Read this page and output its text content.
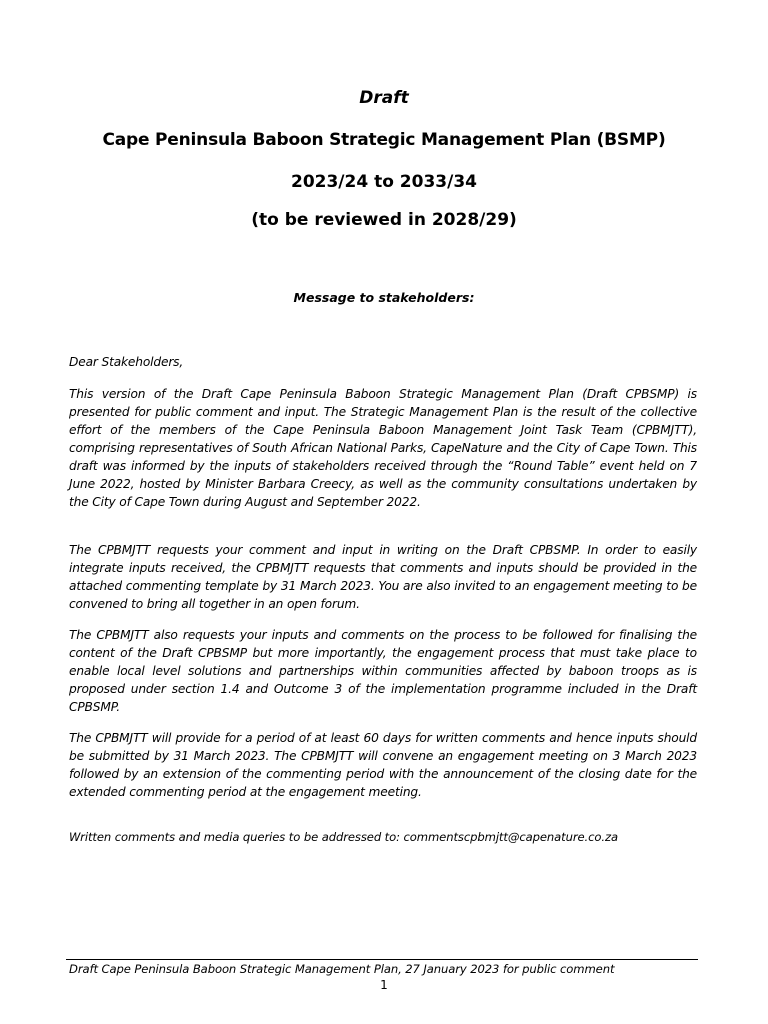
Draft
Cape Peninsula Baboon Strategic Management Plan (BSMP)
2023/24 to 2033/34
(to be reviewed in 2028/29)
Message to stakeholders:
Dear Stakeholders,
This version of the Draft Cape Peninsula Baboon Strategic Management Plan (Draft CPBSMP) is presented for public comment and input. The Strategic Management Plan is the result of the collective effort of the members of the Cape Peninsula Baboon Management Joint Task Team (CPBMJTT), comprising representatives of South African National Parks, CapeNature and the City of Cape Town. This draft was informed by the inputs of stakeholders received through the “Round Table” event held on 7 June 2022, hosted by Minister Barbara Creecy, as well as the community consultations undertaken by the City of Cape Town during August and September 2022.
The CPBMJTT requests your comment and input in writing on the Draft CPBSMP. In order to easily integrate inputs received, the CPBMJTT requests that comments and inputs should be provided in the attached commenting template by 31 March 2023. You are also invited to an engagement meeting to be convened to bring all together in an open forum.
The CPBMJTT also requests your inputs and comments on the process to be followed for finalising the content of the Draft CPBSMP but more importantly, the engagement process that must take place to enable local level solutions and partnerships within communities affected by baboon troops as is proposed under section 1.4 and Outcome 3 of the implementation programme included in the Draft CPBSMP.
The CPBMJTT will provide for a period of at least 60 days for written comments and hence inputs should be submitted by 31 March 2023. The CPBMJTT will convene an engagement meeting on 3 March 2023 followed by an extension of the commenting period with the announcement of the closing date for the extended commenting period at the engagement meeting.
Written comments and media queries to be addressed to: commentscpbmjtt@capenature.co.za
Draft Cape Peninsula Baboon Strategic Management Plan, 27 January 2023 for public comment
1
